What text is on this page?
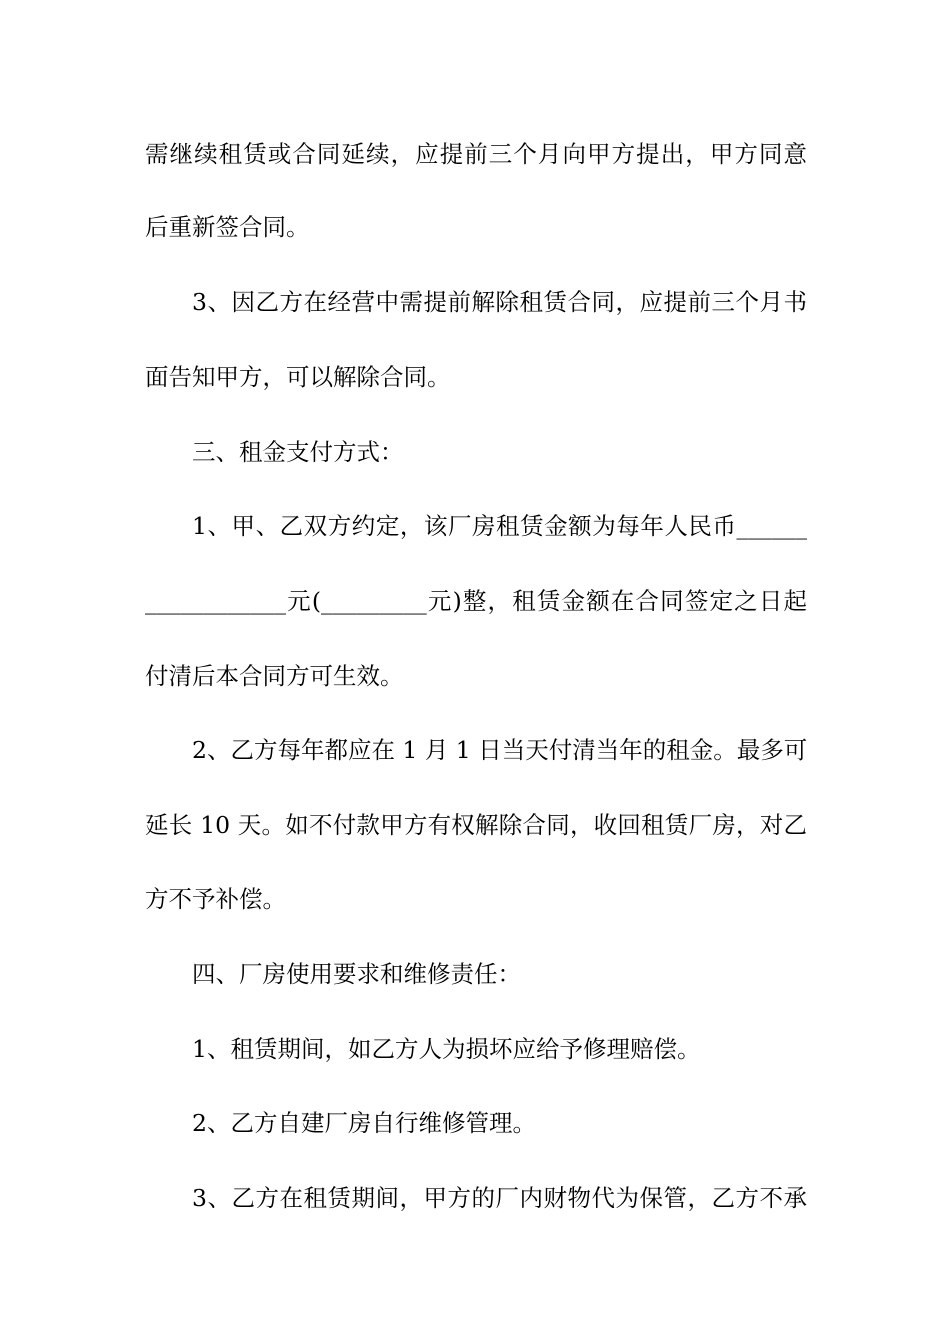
需继续租赁或合同延续，应提前三个月向甲方提出，甲方同意
后重新签合同。
3、因乙方在经营中需提前解除租赁合同，应提前三个月书
面告知甲方，可以解除合同。
三、租金支付方式：
1、甲、乙双方约定，该厂房租赁金额为每年人民币______
____________元(_________元)整，租赁金额在合同签定之日起
付清后本合同方可生效。
2、乙方每年都应在 1 月 1 日当天付清当年的租金。最多可
延长 10 天。如不付款甲方有权解除合同，收回租赁厂房，对乙
方不予补偿。
四、厂房使用要求和维修责任：
1、租赁期间，如乙方人为损坏应给予修理赔偿。
2、乙方自建厂房自行维修管理。
3、乙方在租赁期间，甲方的厂内财物代为保管，乙方不承
